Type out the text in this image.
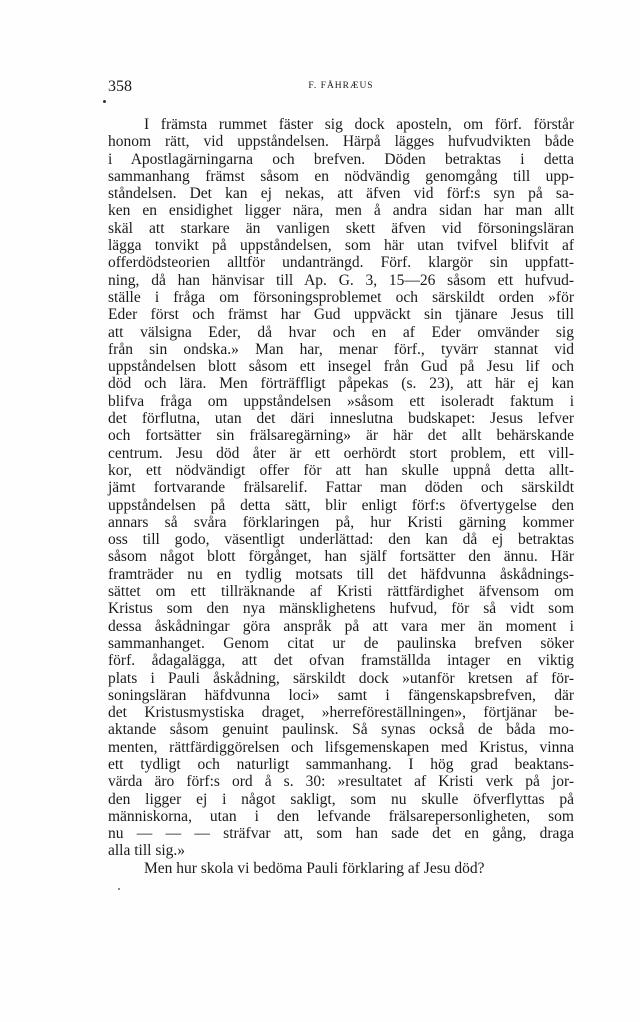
358	F. FÅHRÆUS
I främsta rummet fäster sig dock aposteln, om förf. förstår
honom rätt, vid uppståndelsen. Härpå lägges hufvudvikten både
i Apostlagärningarna och brefven. Döden betraktas i detta
sammanhang främst såsom en nödvändig genomgång till upp-
ståndelsen. Det kan ej nekas, att äfven vid förf:s syn på sa-
ken en ensidighet ligger nära, men å andra sidan har man allt
skäl att starkare än vanligen skett äfven vid försoningsläran
lägga tonvikt på uppståndelsen, som här utan tvifvel blifvit af
offerdödsteorien alltför undanträngd. Förf. klargör sin uppfatt-
ning, då han hänvisar till Ap. G. 3, 15—26 såsom ett hufvud-
ställe i fråga om försoningsproblemet och särskildt orden »för
Eder först och främst har Gud uppväckt sin tjänare Jesus till
att välsigna Eder, då hvar och en af Eder omvänder sig
från sin ondska.» Man har, menar förf., tyvärr stannat vid
uppståndelsen blott såsom ett insegel från Gud på Jesu lif och
död och lära. Men förträffligt påpekas (s. 23), att här ej kan
blifva fråga om uppståndelsen »såsom ett isoleradt faktum i
det förflutna, utan det däri inneslutna budskapet: Jesus lefver
och fortsätter sin frälsaregärning» är här det allt behärskande
centrum. Jesu död åter är ett oerhördt stort problem, ett vill-
kor, ett nödvändigt offer för att han skulle uppnå detta allt-
jämt fortvarande frälsarelif. Fattar man döden och särskildt
uppståndelsen på detta sätt, blir enligt förf:s öfvertygelse den
annars så svåra förklaringen på, hur Kristi gärning kommer
oss till godo, väsentligt underlättad: den kan då ej betraktas
såsom något blott förgånget, han själf fortsätter den ännu. Här
framträder nu en tydlig motsats till det häfdvunna åskådnings-
sättet om ett tillräknande af Kristi rättfärdighet äfvensom om
Kristus som den nya mänsklighetens hufvud, för så vidt som
dessa åskådningar göra anspråk på att vara mer än moment i
sammanhanget. Genom citat ur de paulinska brefven söker
förf. ådagalägga, att det ofvan framställda intager en viktig
plats i Pauli åskådning, särskildt dock »utanför kretsen af för-
soningsläran häfdvunna loci» samt i fängenskapsbrefven, där
det Kristusmystiska draget, »herreföreställningen», förtjänar be-
aktande såsom genuint paulinsk. Så synas också de båda mo-
menten, rättfärdiggörelsen och lifsgemenskapen med Kristus, vinna
ett tydligt och naturligt sammanhang. I hög grad beaktans-
värda äro förf:s ord å s. 30: »resultatet af Kristi verk på jor-
den ligger ej i något sakligt, som nu skulle öfverflyttas på
människorna, utan i den lefvande frälsarepersonligheten, som
nu — — — sträfvar att, som han sade det en gång, draga
alla till sig.»
Men hur skola vi bedöma Pauli förklaring af Jesu död?
